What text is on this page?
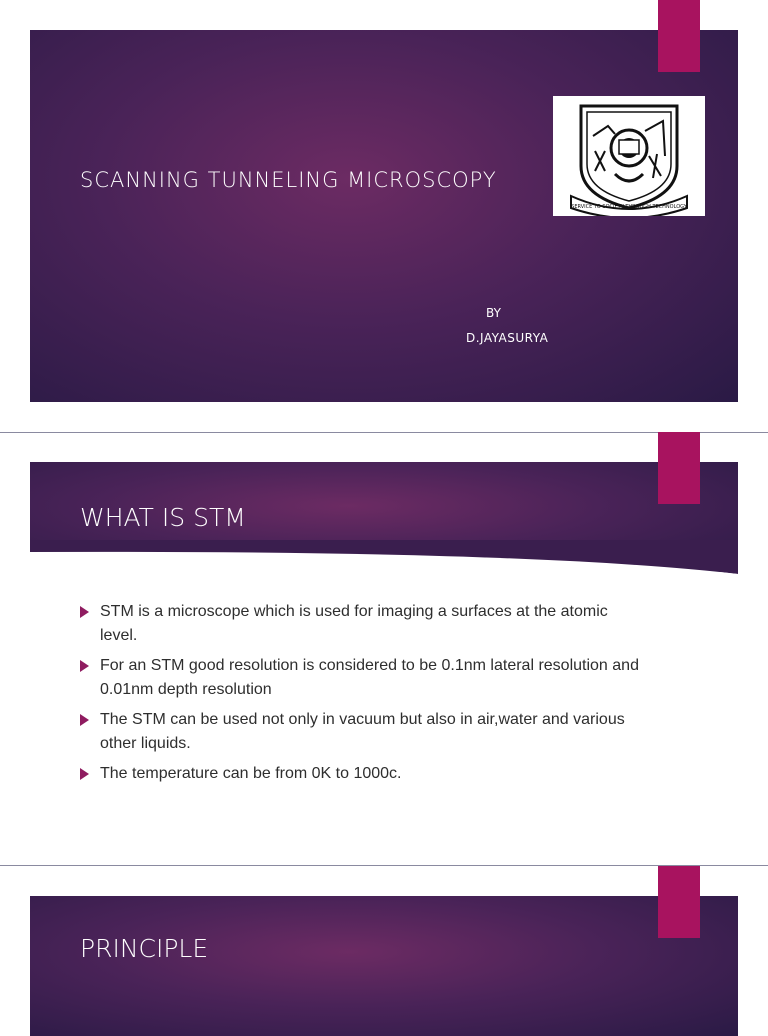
SCANNING TUNNELING MICROSCOPY
SERVICE TO SOCIETY THROUGH TECHNOLOGY
BY
D.JAYASURYA
WHAT IS STM
STM is a microscope which is used for imaging a surfaces at the atomic level.
For an STM good resolution is considered to be 0.1nm lateral resolution and 0.01nm depth resolution
The STM can be used not only in vacuum but also in air,water and various other liquids.
The temperature can be from 0K to 1000c.
PRINCIPLE
